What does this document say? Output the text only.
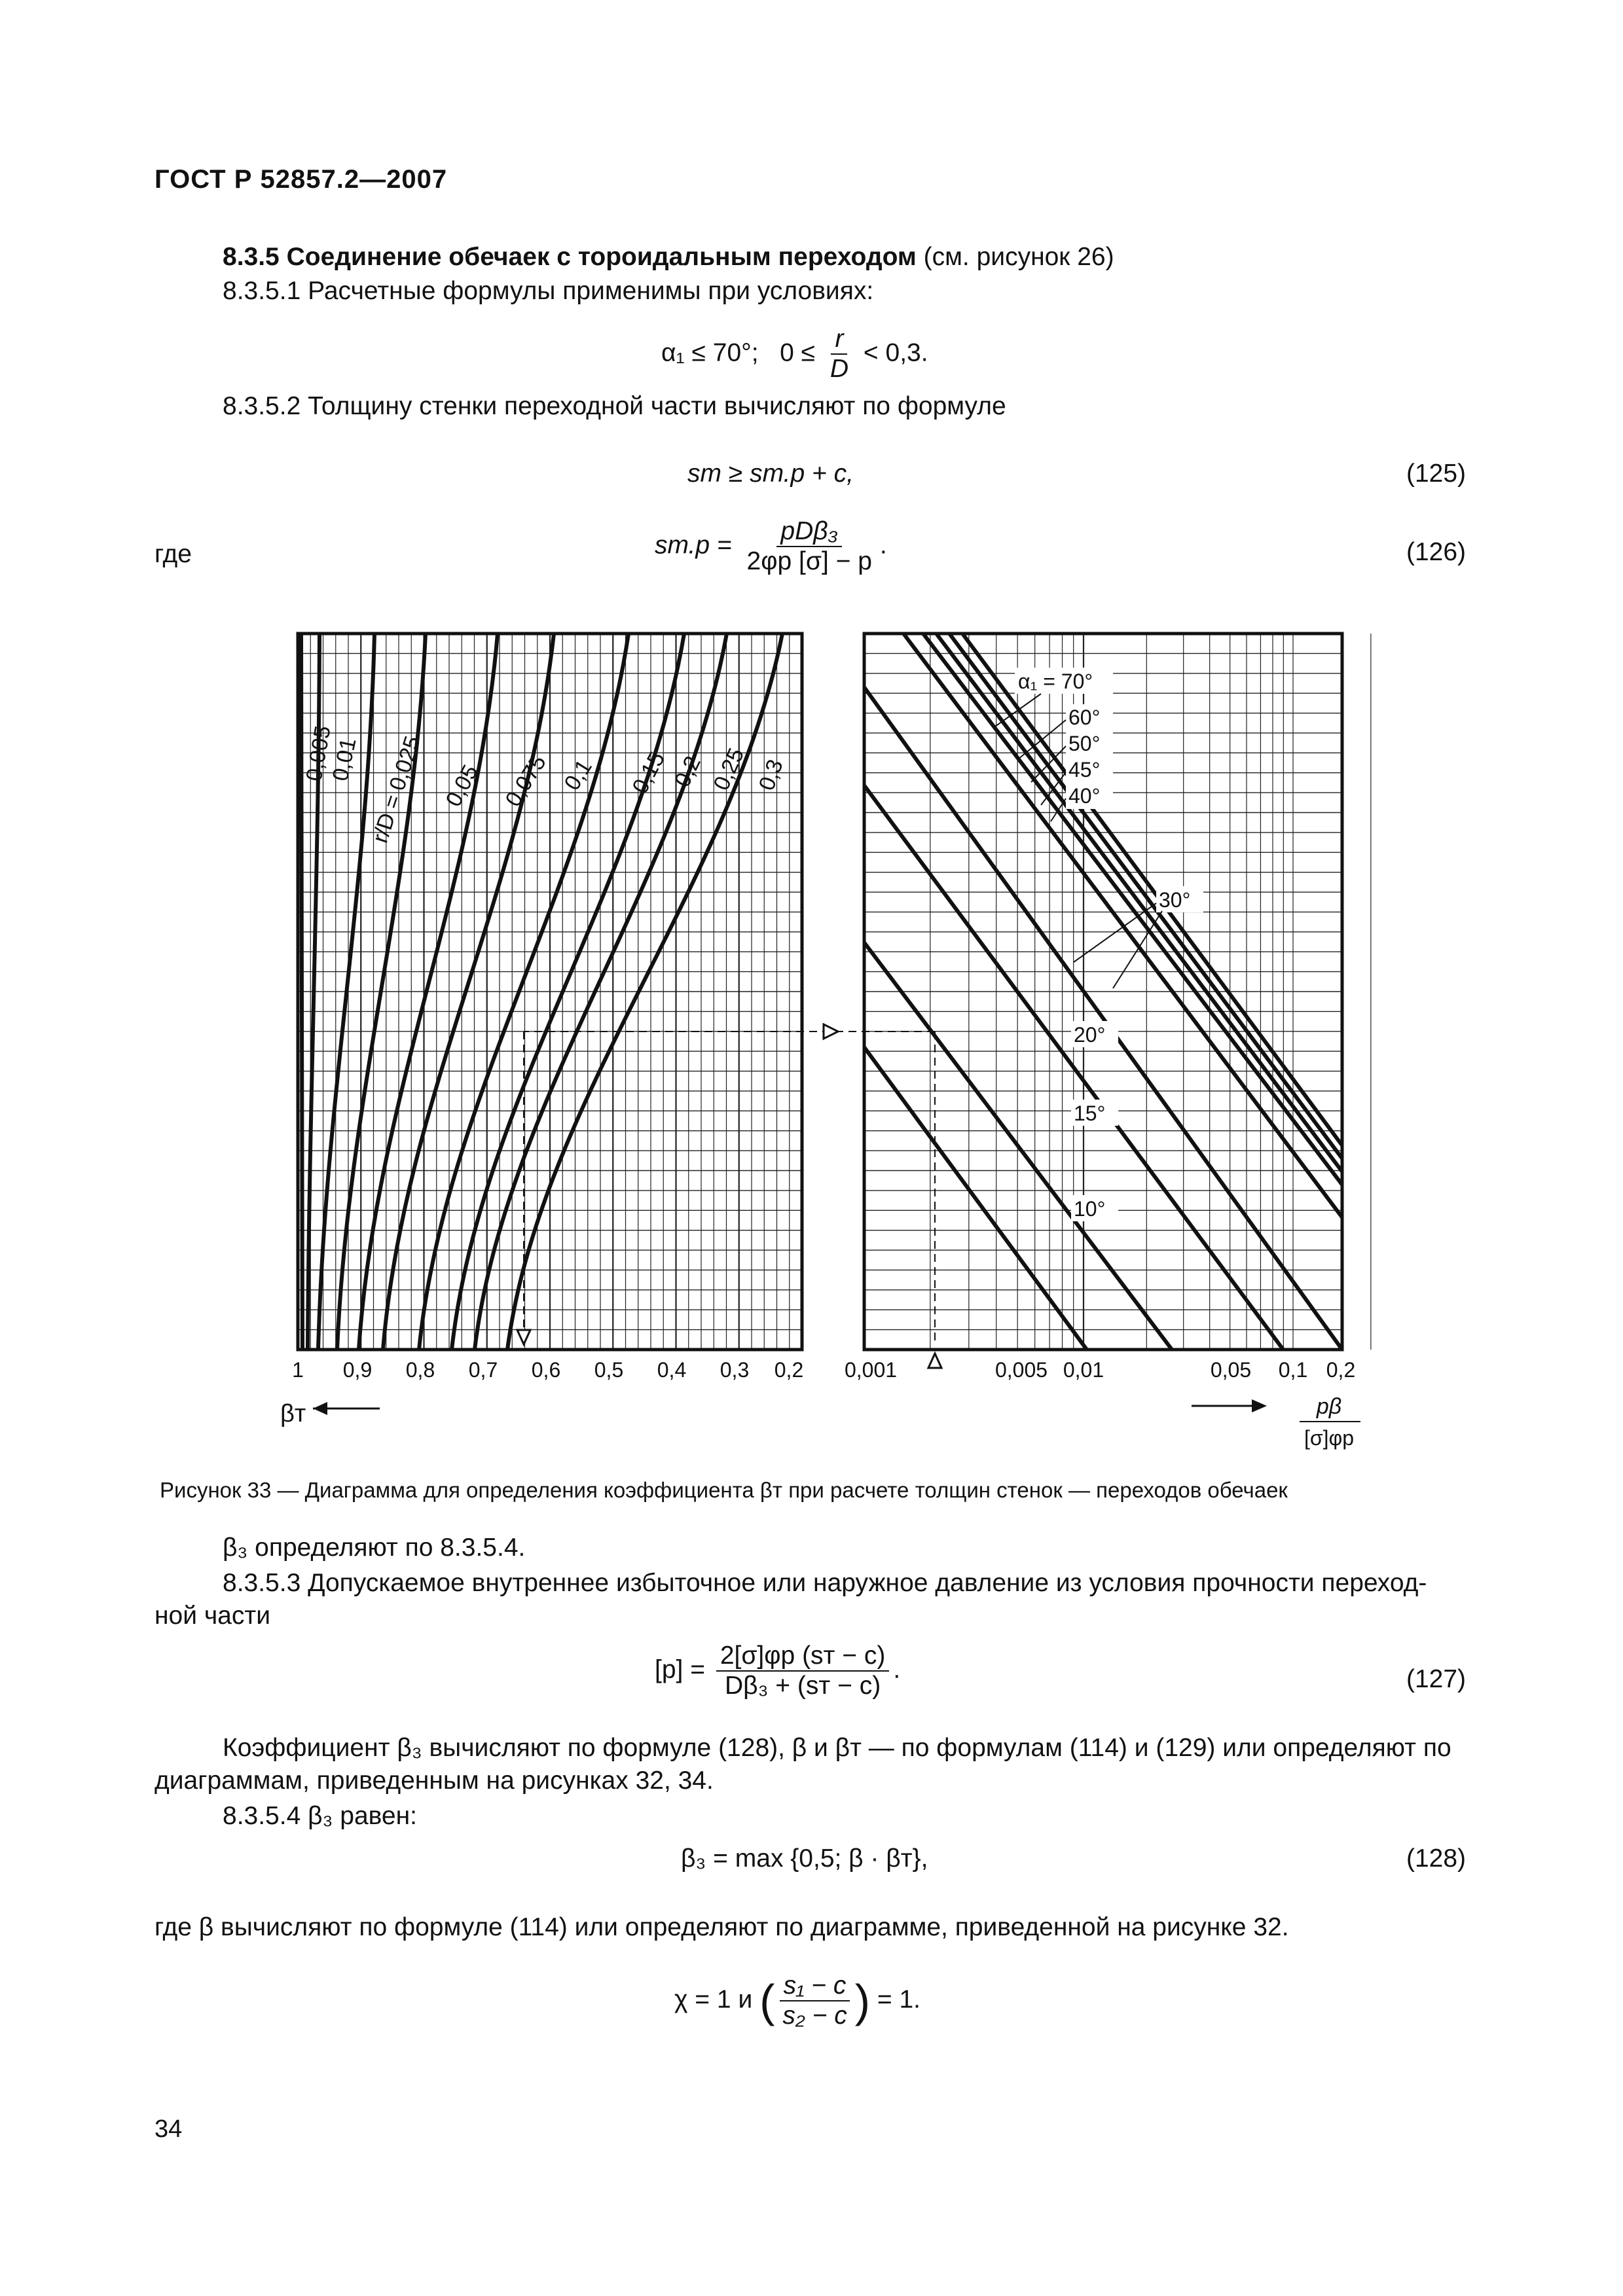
ГОСТ Р 52857.2—2007
8.3.5 Соединение обечаек с тороидальным переходом (см. рисунок 26)
8.3.5.1 Расчетные формулы применимы при условиях:
α₁ ≤ 70°; $0 \le \frac{r}{D} < 0,3$.
8.3.5.2 Толщину стенки переходной части вычисляют по формуле
sт ≥ sт.р + c,	(125)
где	$sт.р = \frac{\text{pDβ₃}}{2\varphi р [\sigma] - p}$ .	(126)
0,005
0,01 r/D = 0,025 0,05 0,075 0,1 0,15 0,2 0,25 0,3
α₁ = 70°
60°
50°
45°
40°
30°
20°
15°
10°
1 0,9 0,8 0,7 0,6 0,5 0,4 0,3 0,2 0,001	0,005 0,01	0,05 0,1 0,2
βт	pβ
[σ]φр
Рисунок 33 — Диаграмма для определения коэффициента βт при расчете толщин стенок — переходов обечаек
β₃ определяют по 8.3.5.4.
8.3.5.3 Допускаемое внутреннее избыточное или наружное давление из условия прочности переход-
ной части
$[p] = \frac{2[\sigma]\varphi р (sт - c)}{\text{Dβ₃ + (sт − c)}}$ .	(127)
Коэффициент β₃ вычисляют по формуле (128), β и βт — по формулам (114) и (129) или определяют по
диаграммам, приведенным на рисунках 32, 34.
8.3.5.4 β₃ равен:
β₃ = max {0,5; β · βт},	(128)
где β вычисляют по формуле (114) или определяют по диаграмме, приведенной на рисунке 32.
χ = 1 и ( $\frac{\text{s₁ − c}}{\text{s₂ − c}}$ ) = 1.
34
